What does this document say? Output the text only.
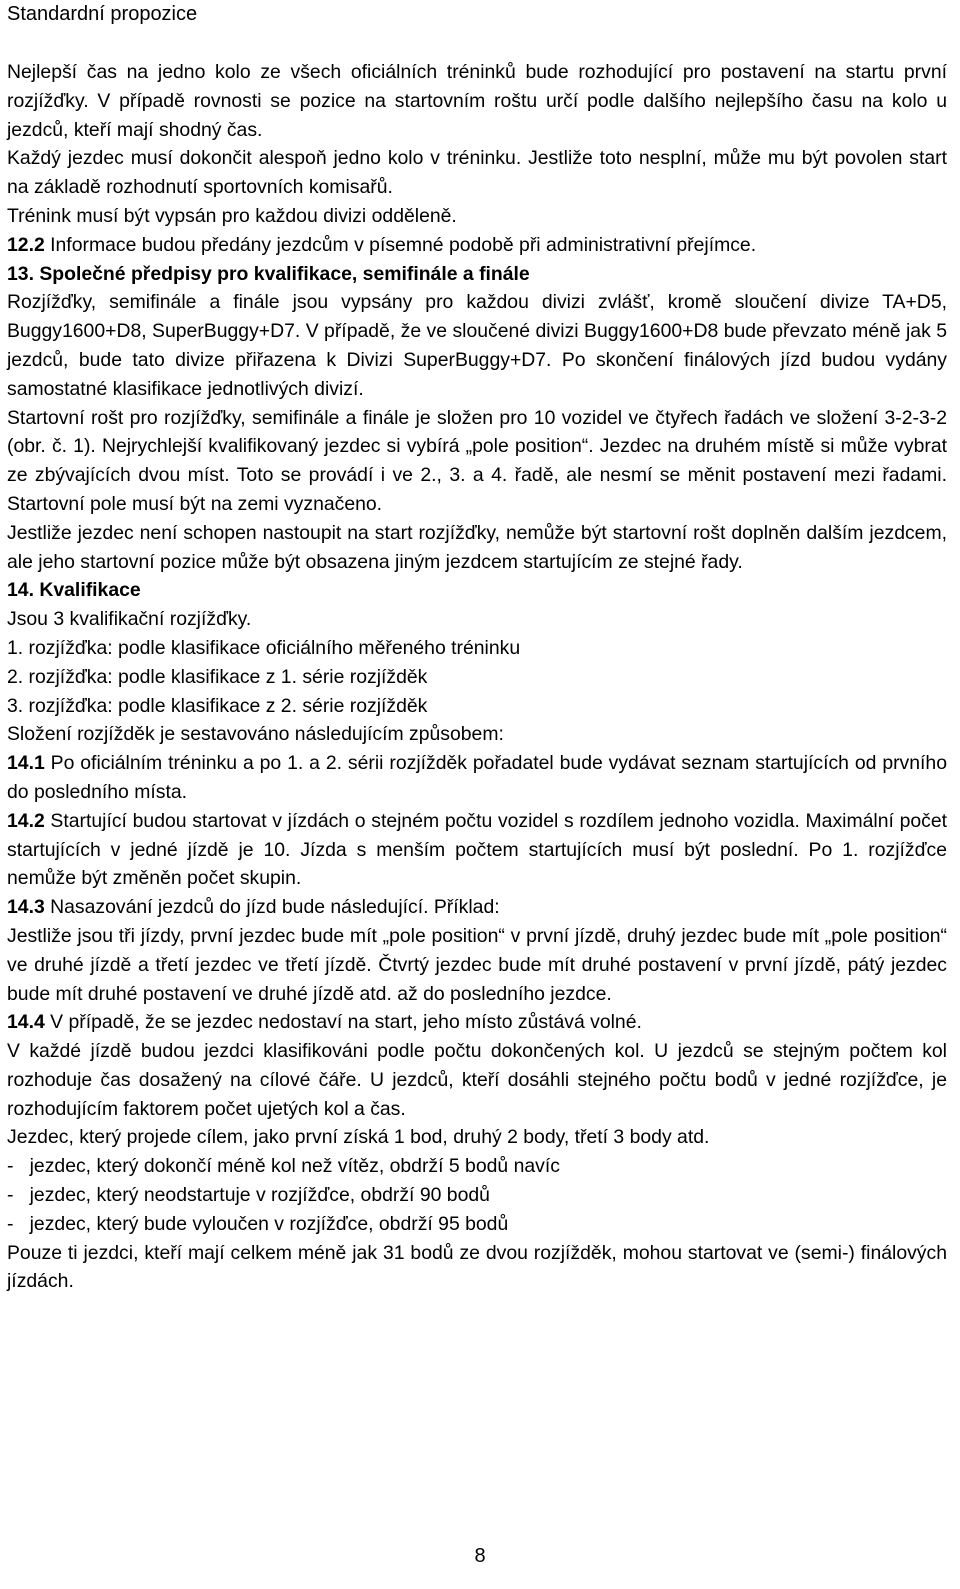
Standardní propozice

Nejlepší čas na jedno kolo ze všech oficiálních tréninků bude rozhodující pro postavení na startu první rozjížďky. V případě rovnosti se pozice na startovním roštu určí podle dalšího nejlepšího času na kolo u jezdců, kteří mají shodný čas.

Každý jezdec musí dokončit alespoň jedno kolo v tréninku. Jestliže toto nesplní, může mu být povolen start na základě rozhodnutí sportovních komisařů.

Trénink musí být vypsán pro každou divizi odděleně.

12.2 Informace budou předány jezdcům v písemné podobě při administrativní přejímce.

13. Společné předpisy pro kvalifikace, semifinále a finále

Rozjížďky, semifinále a finále jsou vypsány pro každou divizi zvlášť, kromě sloučení divize TA+D5, Buggy1600+D8, SuperBuggy+D7. V případě, že ve sloučené divizi Buggy1600+D8 bude převzato méně jak 5 jezdců, bude tato divize přiřazena k Divizi SuperBuggy+D7. Po skončení finálových jízd budou vydány samostatné klasifikace jednotlivých divizí.

Startovní rošt pro rozjížďky, semifinále a finále je složen pro 10 vozidel ve čtyřech řadách ve složení 3-2-3-2 (obr. č. 1). Nejrychlejší kvalifikovaný jezdec si vybírá „pole position“. Jezdec na druhém místě si může vybrat ze zbývajících dvou míst. Toto se provádí i ve 2., 3. a 4. řadě, ale nesmí se měnit postavení mezi řadami. Startovní pole musí být na zemi vyznačeno.

Jestliže jezdec není schopen nastoupit na start rozjížďky, nemůže být startovní rošt doplněn dalším jezdcem, ale jeho startovní pozice může být obsazena jiným jezdcem startujícím ze stejné řady.

14. Kvalifikace

Jsou 3 kvalifikační rozjížďky.

1. rozjížďka: podle klasifikace oficiálního měřeného tréninku

2. rozjížďka: podle klasifikace z 1. série rozjížděk

3. rozjížďka: podle klasifikace z 2. série rozjížděk

Složení rozjížděk je sestavováno následujícím způsobem:

14.1 Po oficiálním tréninku a po 1. a 2. sérii rozjížděk pořadatel bude vydávat seznam startujících od prvního do posledního místa.

14.2 Startující budou startovat v jízdách o stejném počtu vozidel s rozdílem jednoho vozidla. Maximální počet startujících v jedné jízdě je 10. Jízda s menším počtem startujících musí být poslední. Po 1. rozjížďce nemůže být změněn počet skupin.

14.3 Nasazování jezdců do jízd bude následující. Příklad:

Jestliže jsou tři jízdy, první jezdec bude mít „pole position“ v první jízdě, druhý jezdec bude mít „pole position“ ve druhé jízdě a třetí jezdec ve třetí jízdě. Čtvrtý jezdec bude mít druhé postavení v první jízdě, pátý jezdec bude mít druhé postavení ve druhé jízdě atd. až do posledního jezdce.

14.4 V případě, že se jezdec nedostaví na start, jeho místo zůstává volné.

V každé jízdě budou jezdci klasifikováni podle počtu dokončených kol. U jezdců se stejným počtem kol rozhoduje čas dosažený na cílové čáře. U jezdců, kteří dosáhli stejného počtu bodů v jedné rozjížďce, je rozhodujícím faktorem počet ujetých kol a čas.

Jezdec, který projede cílem, jako první získá 1 bod, druhý 2 body, třetí 3 body atd.

-   jezdec, který dokončí méně kol než vítěz, obdrží 5 bodů navíc

-   jezdec, který neodstartuje v rozjížďce, obdrží 90 bodů

-   jezdec, který bude vyloučen v rozjížďce, obdrží 95 bodů

Pouze ti jezdci, kteří mají celkem méně jak 31 bodů ze dvou rozjížděk, mohou startovat ve (semi-) finálových jízdách.

8
